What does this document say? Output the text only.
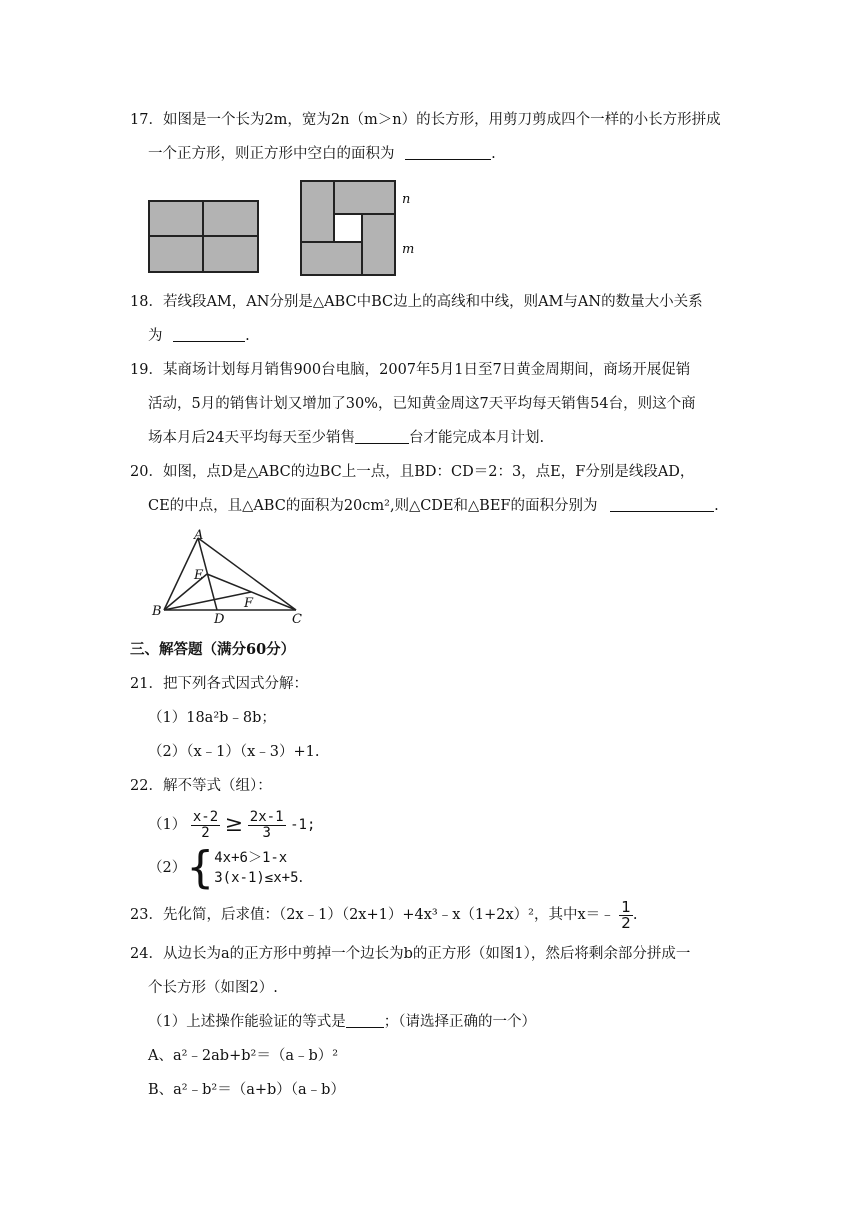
17．如图是一个长为2m，宽为2n（m＞n）的长方形，用剪刀剪成四个一样的小长方形拼成
一个正方形，则正方形中空白的面积为	.
n
m
18．若线段AM，AN分别是△ABC中BC边上的高线和中线，则AM与AN的数量大小关系
为	.
19．某商场计划每月销售900台电脑，2007年5月1日至7日黄金周期间，商场开展促销
活动，5月的销售计划又增加了30%，已知黄金周这7天平均每天销售54台，则这个商
场本月后24天平均每天至少销售	台才能完成本月计划.
20．如图，点D是△ABC的边BC上一点，且BD：CD＝2：3，点E，F分别是线段AD，
CE的中点，且△ABC的面积为20cm²,则△CDE和△BEF的面积分别为	.
A
E
F
B
D	C
三、解答题（满分60分）
21．把下列各式因式分解：
（1）18a²b﹣8b；
（2）（x﹣1）（x﹣3）+1.
22．解不等式（组）：
$(1) \frac{x-2}{2} \ge \frac{2x-1}{3} -1$;
（2）{ 4x+6＞1-x
3(x-1)≤x+5 .
23．先化简，后求值：（2x﹣1）（2x+1）+4x³﹣x（1+2x）²，其中x＝﹣ $\frac{1}{2}$ .
24．从边长为a的正方形中剪掉一个边长为b的正方形（如图1），然后将剩余部分拼成一
个长方形（如图2）.
（1）上述操作能验证的等式是	；（请选择正确的一个）
A、a²﹣2ab+b²＝（a﹣b）²
B、a²﹣b²＝（a+b）（a﹣b）
